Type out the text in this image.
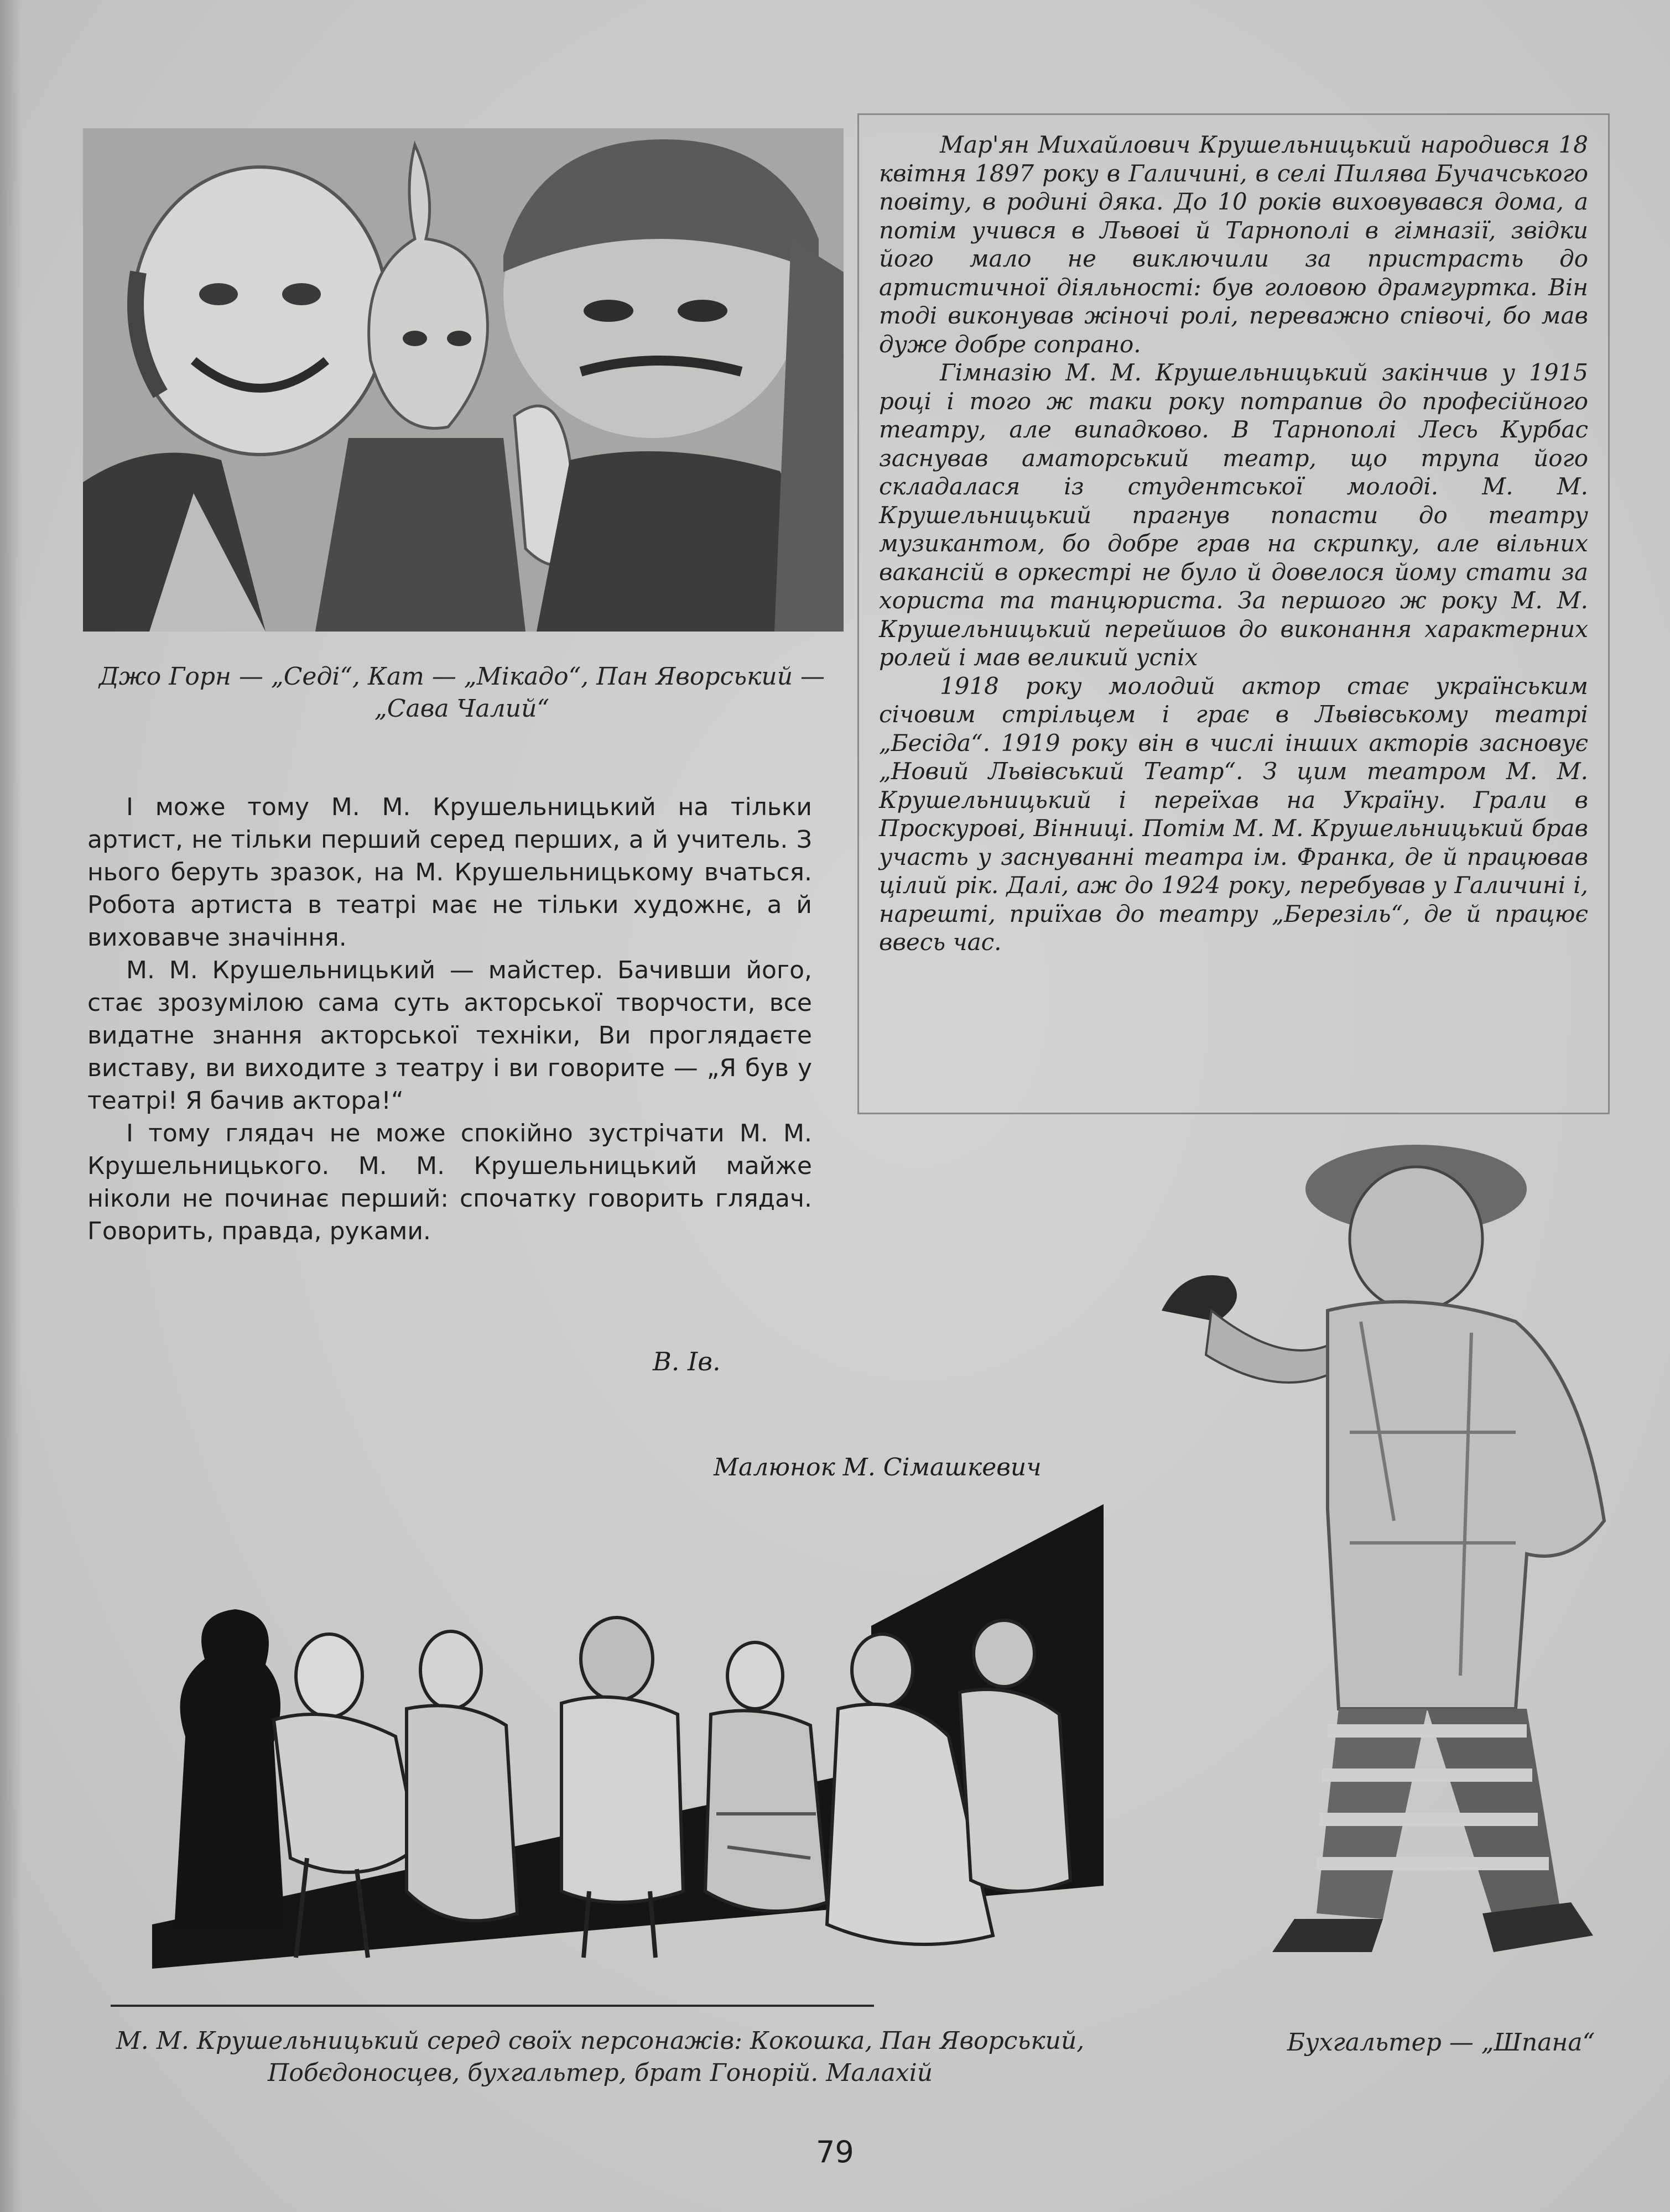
Джо Горн — „Седі“, Кат — „Мікадо“, Пан Яворський — „Сава Чалий“

Мар'ян Михайлович Крушельницький народився 18 квітня 1897 року в Галичині, в селі Пилява Бучачського повіту, в родині дяка. До 10 років виховувався дома, а потім учився в Львові й Тарнополі в гімназії, звідки його мало не виключили за пристрасть до артистичної діяльності: був головою драмгуртка. Він тоді виконував жіночі ролі, переважно співочі, бо мав дуже добре сопрано.

Гімназію М. М. Крушельницький закінчив у 1915 році і того ж таки року потрапив до професійного театру, але випадково. В Тарнополі Лесь Курбас заснував аматорський театр, що трупа його складалася із студентської молоді. М. М. Крушельницький прагнув попасти до театру музикантом, бо добре грав на скрипку, але вільних вакансій в оркестрі не було й довелося йому стати за хориста та танцюриста. За першого ж року М. М. Крушельницький перейшов до виконання характерних ролей і мав великий успіх

1918 року молодий актор стає українським січовим стрільцем і грає в Львівському театрі „Бесіда“. 1919 року він в числі інших акторів засновує „Новий Львівський Театр“. З цим театром М. М. Крушельницький і переїхав на Україну. Грали в Проскурові, Вінниці. Потім М. М. Крушельницький брав участь у заснуванні театра ім. Франка, де й працював цілий рік. Далі, аж до 1924 року, перебував у Галичині і, нарешті, приїхав до театру „Березіль“, де й працює ввесь час.

І може тому М. М. Крушельницький на тільки артист, не тільки перший серед перших, а й учитель. З нього беруть зразок, на М. Крушельницькому вчаться. Робота артиста в театрі має не тільки художнє, а й виховавче значіння.

М. М. Крушельницький — майстер. Бачивши його, стає зрозумілою сама суть акторської творчости, все видатне знання акторської техніки, Ви проглядаєте виставу, ви виходите з театру і ви говорите — „Я був у театрі! Я бачив актора!“

І тому глядач не може спокійно зустрічати М. М. Крушельницького. М. М. Крушельницький майже ніколи не починає перший: спочатку говорить глядач. Говорить, правда, руками.

В. Ів.
Малюнок М. Сімашкевич
М. М. Крушельницький серед своїх персонажів: Кокошка, Пан Яворський, Побєдоносцев, бухгальтер, брат Гонорій. Малахій
Бухгальтер — „Шпана“
79
